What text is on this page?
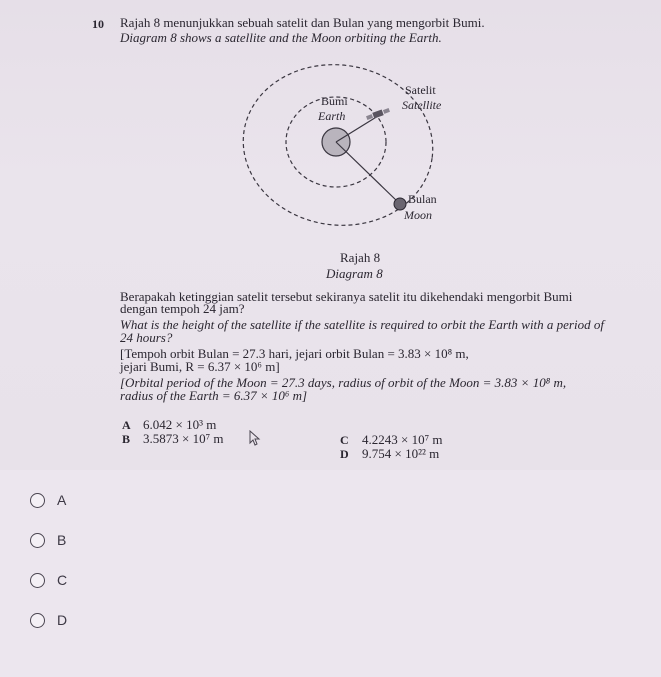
10 Rajah 8 menunjukkan sebuah satelit dan Bulan yang mengorbit Bumi.
Diagram 8 shows a satellite and the Moon orbiting the Earth.
Bumi
Earth
Satelit
Satellite
Bulan
Moon
Rajah 8
Diagram 8
Berapakah ketinggian satelit tersebut sekiranya satelit itu dikehendaki mengorbit Bumi
dengan tempoh 24 jam?
What is the height of the satellite if the satellite is required to orbit the Earth with a period of
24 hours?
[Tempoh orbit Bulan = 27.3 hari, jejari orbit Bulan = 3.83 × 10⁸ m,
jejari Bumi, R = 6.37 × 10⁶ m]
[Orbital period of the Moon = 27.3 days, radius of orbit of the Moon = 3.83 × 10⁸ m,
radius of the Earth = 6.37 × 10⁶ m]
A 6.042 × 10³ m
B 3.5873 × 10⁷ m	C 4.2243 × 10⁷ m
D 9.754 × 10²² m
A
B
C
D
